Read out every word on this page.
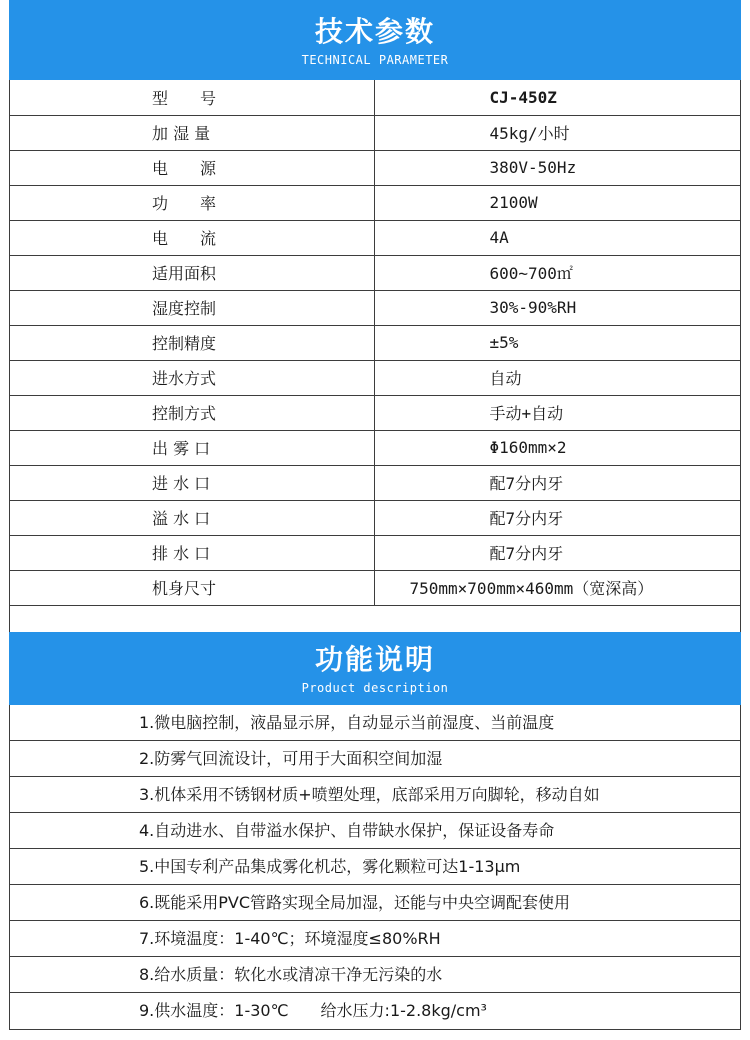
技术参数
TECHNICAL PARAMETER
型　　号	CJ-450Z
加 湿 量	45kg/小时
电　　源	380V-50Hz
功　　率	2100W
电　　流	4A
适用面积	600~700㎡
湿度控制	30%-90%RH
控制精度	±5%
进水方式	自动
控制方式	手动+自动
出 雾 口	Φ160mm×2
进 水 口	配7分内牙
溢 水 口	配7分内牙
排 水 口	配7分内牙
机身尺寸	750mm×700mm×460mm（宽深高）
功能说明
Product description
1.微电脑控制，液晶显示屏，自动显示当前湿度、当前温度
2.防雾气回流设计，可用于大面积空间加湿
3.机体采用不锈钢材质+喷塑处理，底部采用万向脚轮，移动自如
4.自动进水、自带溢水保护、自带缺水保护，保证设备寿命
5.中国专利产品集成雾化机芯，雾化颗粒可达1-13μm
6.既能采用PVC管路实现全局加湿，还能与中央空调配套使用
7.环境温度：1-40℃；环境湿度≤80%RH
8.给水质量：软化水或清凉干净无污染的水
9.供水温度：1-30℃　　给水压力:1-2.8kg/cm³
